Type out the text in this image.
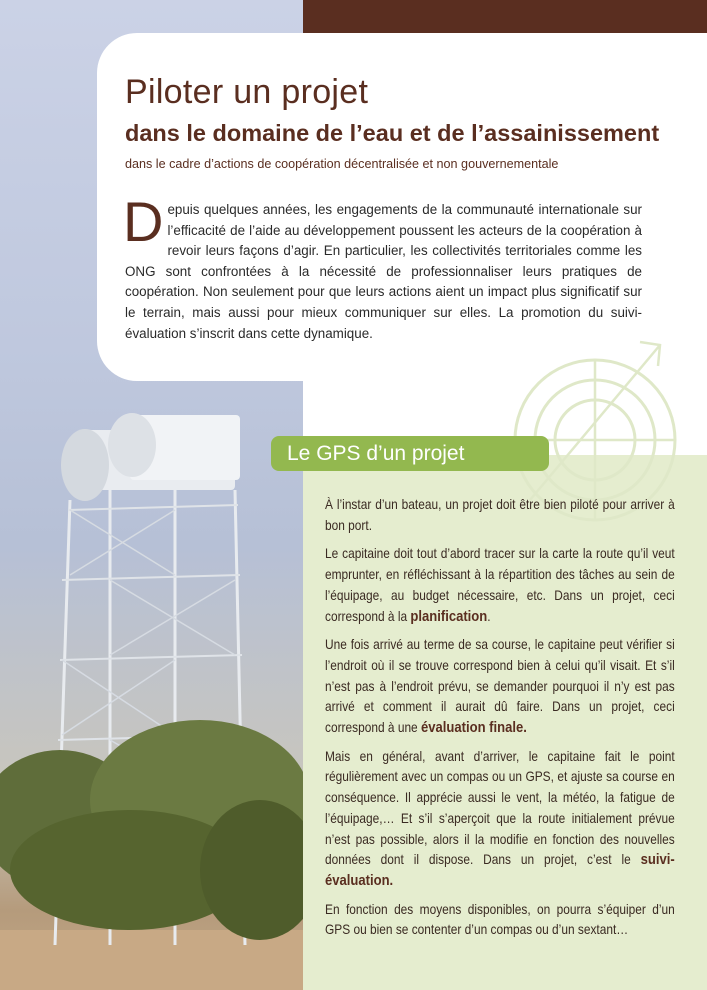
Piloter un projet
dans le domaine de l’eau et de l’assainissement

dans le cadre d’actions de coopération décentralisée et non gouvernementale

Depuis quelques années, les engagements de la communauté internationale sur l’efficacité de l’aide au développement poussent les acteurs de la coopération à revoir leurs façons d’agir. En particulier, les collectivités territoriales comme les ONG sont confrontées à la nécessité de professionnaliser leurs pratiques de coopération. Non seulement pour que leurs actions aient un impact plus significatif sur le terrain, mais aussi pour mieux communiquer sur elles. La promotion du suivi-évaluation s’inscrit dans cette dynamique.

Le GPS d’un projet

À l’instar d’un bateau, un projet doit être bien piloté pour arriver à bon port.

Le capitaine doit tout d’abord tracer sur la carte la route qu’il veut emprunter, en réfléchissant à la répartition des tâches au sein de l’équipage, au budget nécessaire, etc. Dans un projet, ceci correspond à la planification.

Une fois arrivé au terme de sa course, le capitaine peut vérifier si l’endroit où il se trouve correspond bien à celui qu’il visait. Et s’il n’est pas à l’endroit prévu, se demander pourquoi il n’y est pas arrivé et comment il aurait dû faire. Dans un projet, ceci correspond à une évaluation finale.

Mais en général, avant d’arriver, le capitaine fait le point régulièrement avec un compas ou un GPS, et ajuste sa course en conséquence. Il apprécie aussi le vent, la météo, la fatigue de l’équipage,… Et s’il s’aperçoit que la route initialement prévue n’est pas possible, alors il la modifie en fonction des nouvelles données dont il dispose. Dans un projet, c’est le suivi-évaluation.

En fonction des moyens disponibles, on pourra s’équiper d’un GPS ou bien se contenter d’un compas ou d’un sextant…
